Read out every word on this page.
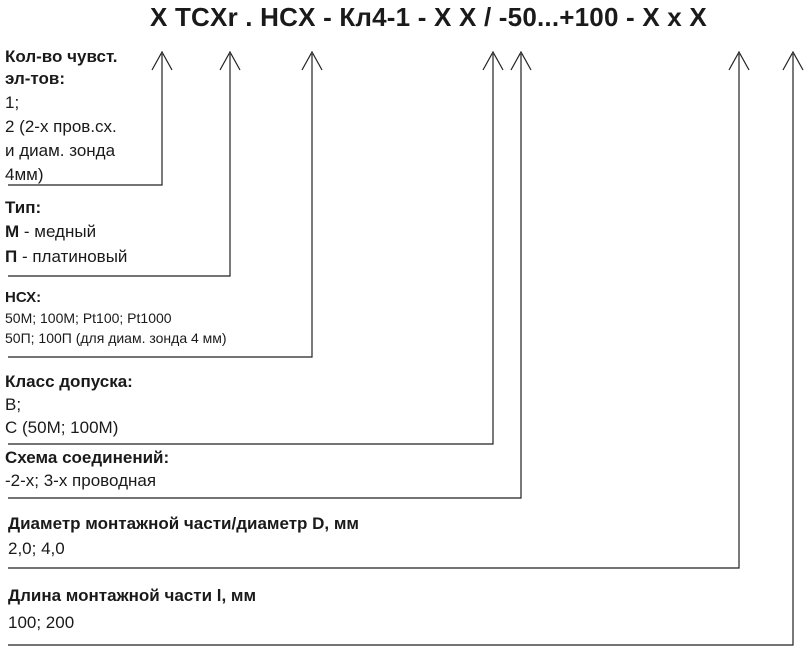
X TCXr . HCX - Кл4-1 - X X / -50...+100 - X x X
Кол-во чувст.
эл-тов:
1;
2 (2-х пров.сх.
и диам. зонда
4мм)
Тип:
М - медный
П - платиновый
НСХ:
50М; 100М; Pt100; Pt1000
50П; 100П (для диам. зонда 4 мм)
Класс допуска:
В;
С (50М; 100М)
Схема соединений:
-2-х; 3-х проводная
Диаметр монтажной части/диаметр D, мм
2,0; 4,0
Длина монтажной части l, мм
100; 200
